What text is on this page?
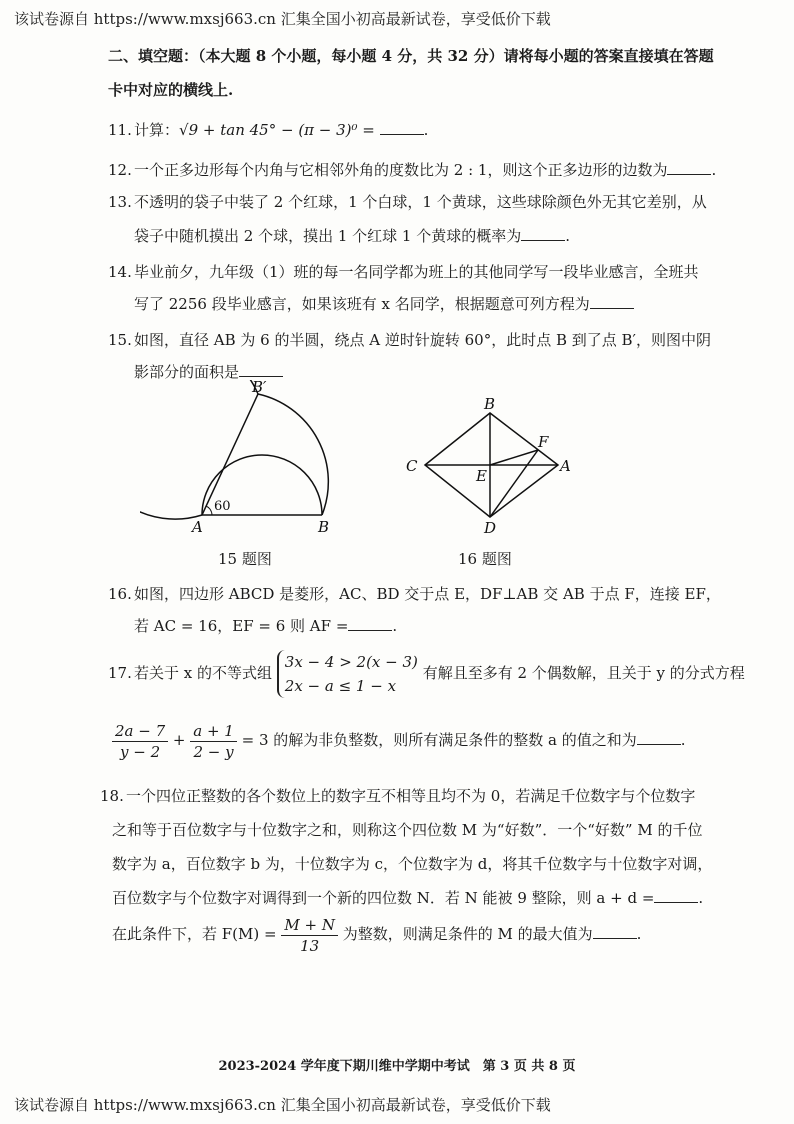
该试卷源自 https://www.mxsj663.cn 汇集全国小初高最新试卷，享受低价下载
二、填空题：（本大题 8 个小题，每小题 4 分，共 32 分）请将每小题的答案直接填在答题
卡中对应的横线上.
11. 计算：√9 + tan 45° − (π − 3)⁰ =	.
12. 一个正多边形每个内角与它相邻外角的度数比为 2 : 1，则这个正多边形的边数为	.
13. 不透明的袋子中装了 2 个红球，1 个白球，1 个黄球，这些球除颜色外无其它差别，从
袋子中随机摸出 2 个球，摸出 1 个红球 1 个黄球的概率为	.
14. 毕业前夕，九年级（1）班的每一名同学都为班上的其他同学写一段毕业感言，全班共
写了 2256 段毕业感言，如果该班有 x 名同学，根据题意可列方程为
15. 如图，直径 AB 为 6 的半圆，绕点 A 逆时针旋转 60°，此时点 B 到了点 B′，则图中阴
影部分的面积是
A	B
B′
60
15 题图
C
B
A
D
E
F
16 题图
16. 如图，四边形 ABCD 是菱形，AC、BD 交于点 E，DF⊥AB 交 AB 于点 F，连接 EF，
若 AC = 16，EF = 6 则 AF =	.
17. 若关于 x 的不等式组
3x − 4 > 2(x − 3)
2x − a ≤ 1 − x
有解且至多有 2 个偶数解，且关于 y 的分式方程
$\frac{2a - 7}{y - 2} + \frac{a + 1}{2 - y} = 3$ 的解为非负整数，则所有满足条件的整数 a 的值之和为	.
18. 一个四位正整数的各个数位上的数字互不相等且均不为 0，若满足千位数字与个位数字
之和等于百位数字与十位数字之和，则称这个四位数 M 为“好数”．一个“好数” M 的千位
数字为 a，百位数字 b 为，十位数字为 c，个位数字为 d，将其千位数字与十位数字对调，
百位数字与个位数字对调得到一个新的四位数 N．若 N 能被 9 整除，则 a + d =	.
在此条件下，若 $F(M) = \frac{M + N}{13}$ 为整数，则满足条件的 M 的最大值为	.
2023-2024 学年度下期川维中学期中考试　第 3 页 共 8 页
该试卷源自 https://www.mxsj663.cn 汇集全国小初高最新试卷，享受低价下载
